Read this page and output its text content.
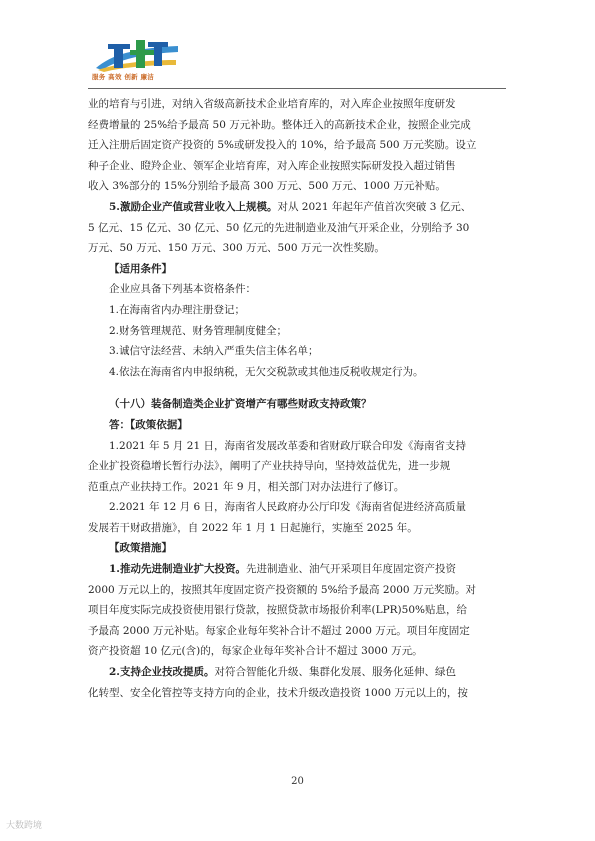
服务 高效 创新 廉洁
业的培育与引进，对纳入省级高新技术企业培育库的，对入库企业按照年度研发
经费增量的 25%给予最高 50 万元补助。整体迁入的高新技术企业，按照企业完成
迁入注册后固定资产投资的 5%或研发投入的 10%，给予最高 500 万元奖励。设立
种子企业、瞪羚企业、领军企业培育库，对入库企业按照实际研发投入超过销售
收入 3%部分的 15%分别给予最高 300 万元、500 万元、1000 万元补贴。
5.激励企业产值或营业收入上规模。对从 2021 年起年产值首次突破 3 亿元、
5 亿元、15 亿元、30 亿元、50 亿元的先进制造业及油气开采企业，分别给予 30
万元、50 万元、150 万元、300 万元、500 万元一次性奖励。
【适用条件】
企业应具备下列基本资格条件：
1.在海南省内办理注册登记；
2.财务管理规范、财务管理制度健全；
3.诚信守法经营、未纳入严重失信主体名单；
4.依法在海南省内申报纳税，无欠交税款或其他违反税收规定行为。
（十八）装备制造类企业扩资增产有哪些财政支持政策？
答：【政策依据】
1.2021 年 5 月 21 日，海南省发展改革委和省财政厅联合印发《海南省支持
企业扩投资稳增长暂行办法》，阐明了产业扶持导向，坚持效益优先，进一步规
范重点产业扶持工作。2021 年 9 月，相关部门对办法进行了修订。
2.2021 年 12 月 6 日，海南省人民政府办公厅印发《海南省促进经济高质量
发展若干财政措施》，自 2022 年 1 月 1 日起施行，实施至 2025 年。
【政策措施】
1.推动先进制造业扩大投资。先进制造业、油气开采项目年度固定资产投资
2000 万元以上的，按照其年度固定资产投资额的 5%给予最高 2000 万元奖励。对
项目年度实际完成投资使用银行贷款，按照贷款市场报价利率(LPR)50%贴息，给
予最高 2000 万元补贴。每家企业每年奖补合计不超过 2000 万元。项目年度固定
资产投资超 10 亿元(含)的，每家企业每年奖补合计不超过 3000 万元。
2.支持企业技改提质。对符合智能化升级、集群化发展、服务化延伸、绿色
化转型、安全化管控等支持方向的企业，技术升级改造投资 1000 万元以上的，按
20
大数跨境
